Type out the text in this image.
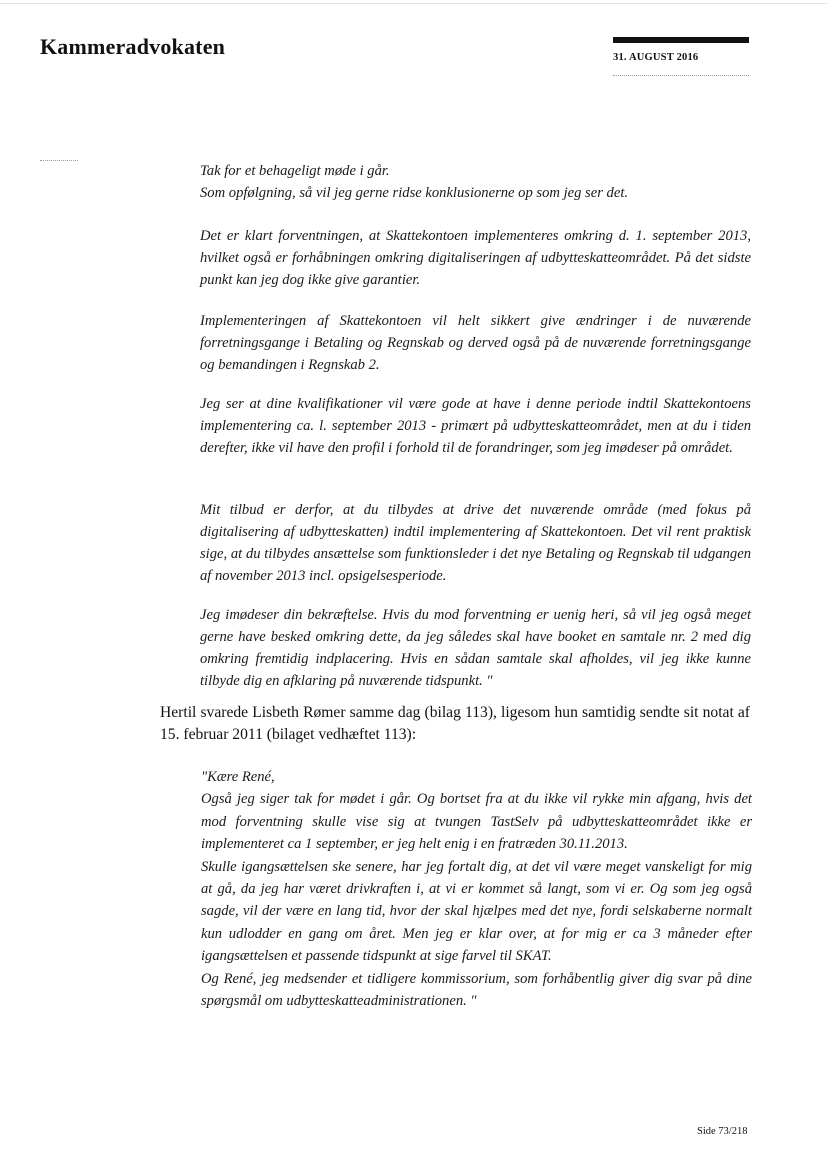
Kammeradvokaten	31. AUGUST 2016

Tak for et behageligt møde i går.

Som opfølgning, så vil jeg gerne ridse konklusionerne op som jeg ser det.

Det er klart forventningen, at Skattekontoen implementeres omkring d. 1. september 2013, hvilket også er forhåbningen omkring digitaliseringen af udbytteskatteområdet. På det sidste punkt kan jeg dog ikke give garantier.
Implementeringen af Skattekontoen vil helt sikkert give ændringer i de nuværende forretningsgange i Betaling og Regnskab og derved også på de nuværende forretningsgange og bemandingen i Regnskab 2.
Jeg ser at dine kvalifikationer vil være gode at have i denne periode indtil Skattekontoens implementering ca. l. september 2013 - primært på udbytteskatteområdet, men at du i tiden derefter, ikke vil have den profil i forhold til de forandringer, som jeg imødeser på området.
Mit tilbud er derfor, at du tilbydes at drive det nuværende område (med fokus på digitalisering af udbytteskatten) indtil implementering af Skattekontoen. Det vil rent praktisk sige, at du tilbydes ansættelse som funktionsleder i det nye Betaling og Regnskab til udgangen af november 2013 incl. opsigelsesperiode.
Jeg imødeser din bekræftelse. Hvis du mod forventning er uenig heri, så vil jeg også meget gerne have besked omkring dette, da jeg således skal have booket en samtale nr. 2 med dig omkring fremtidig indplacering. Hvis en sådan samtale skal afholdes, vil jeg ikke kunne tilbyde dig en afklaring på nuværende tidspunkt. "

Hertil svarede Lisbeth Rømer samme dag (bilag 113), ligesom hun samtidig sendte sit notat af 15. februar 2011 (bilaget vedhæftet 113):

"Kære René,

Også jeg siger tak for mødet i går. Og bortset fra at du ikke vil rykke min afgang, hvis det mod forventning skulle vise sig at tvungen TastSelv på udbytteskatteområdet ikke er implementeret ca 1 september, er jeg helt enig i en fratræden 30.11.2013.

Skulle igangsættelsen ske senere, har jeg fortalt dig, at det vil være meget vanskeligt for mig at gå, da jeg har været drivkraften i, at vi er kommet så langt, som vi er. Og som jeg også sagde, vil der være en lang tid, hvor der skal hjælpes med det nye, fordi selskaberne normalt kun udlodder en gang om året. Men jeg er klar over, at for mig er ca 3 måneder efter igangsættelsen et passende tidspunkt at sige farvel til SKAT.

Og René, jeg medsender et tidligere kommissorium, som forhåbentlig giver dig svar på dine spørgsmål om udbytteskatteadministrationen. "

Side 73/218
